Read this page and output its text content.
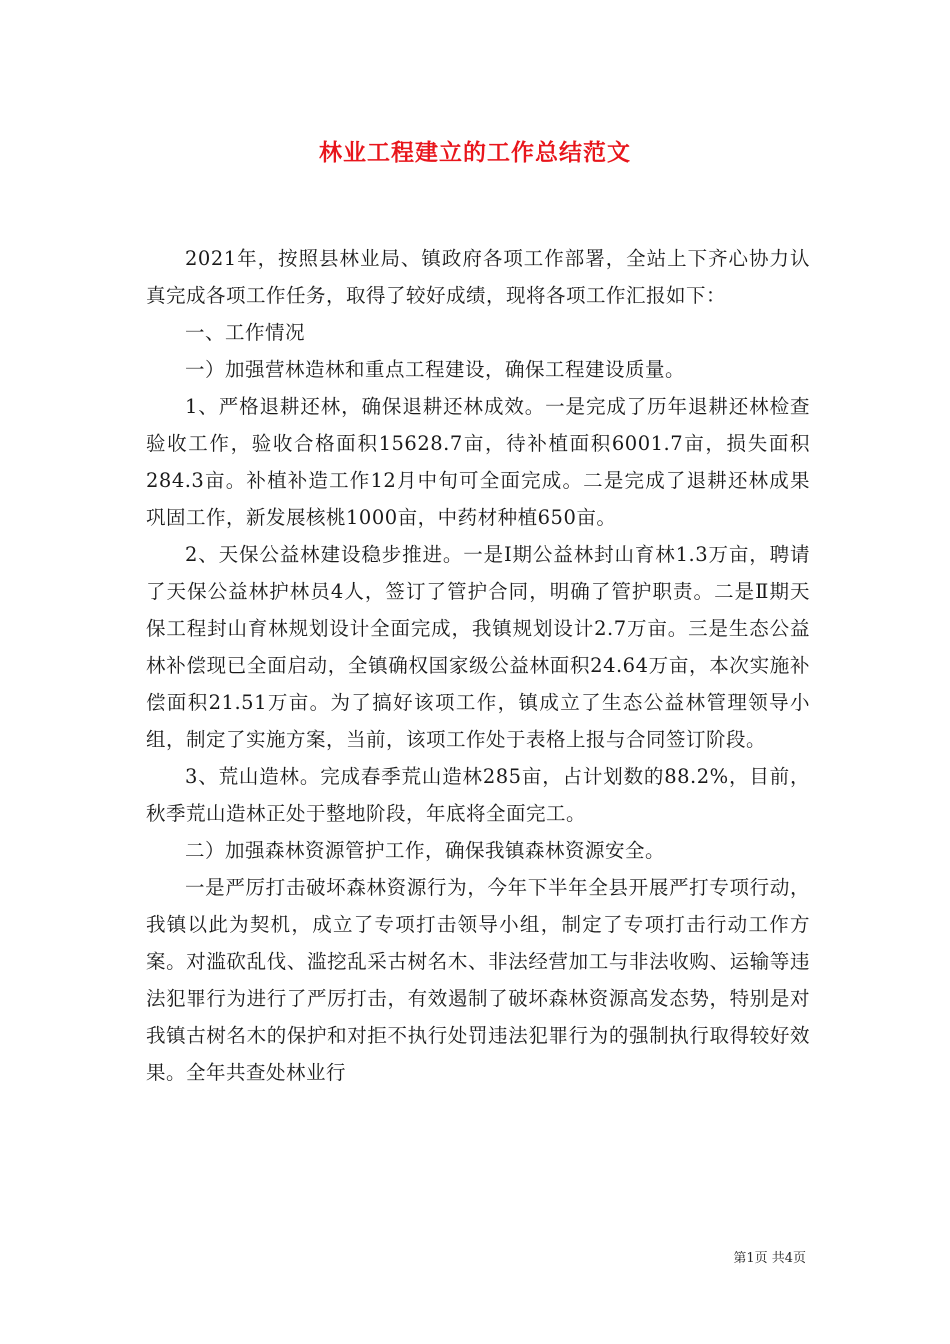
林业工程建立的工作总结范文

2021年，按照县林业局、镇政府各项工作部署，全站上下齐心协力认真完成各项工作任务，取得了较好成绩，现将各项工作汇报如下：

一、工作情况

一）加强营林造林和重点工程建设，确保工程建设质量。

1、严格退耕还林，确保退耕还林成效。一是完成了历年退耕还林检查验收工作，验收合格面积15628.7亩，待补植面积6001.7亩，损失面积284.3亩。补植补造工作12月中旬可全面完成。二是完成了退耕还林成果巩固工作，新发展核桃1000亩，中药材种植650亩。

2、天保公益林建设稳步推进。一是Ⅰ期公益林封山育林1.3万亩，聘请了天保公益林护林员4人，签订了管护合同，明确了管护职责。二是Ⅱ期天保工程封山育林规划设计全面完成，我镇规划设计2.7万亩。三是生态公益林补偿现已全面启动，全镇确权国家级公益林面积24.64万亩，本次实施补偿面积21.51万亩。为了搞好该项工作，镇成立了生态公益林管理领导小组，制定了实施方案，当前，该项工作处于表格上报与合同签订阶段。

3、荒山造林。完成春季荒山造林285亩，占计划数的88.2%，目前，秋季荒山造林正处于整地阶段，年底将全面完工。

二）加强森林资源管护工作，确保我镇森林资源安全。

一是严厉打击破坏森林资源行为，今年下半年全县开展严打专项行动，我镇以此为契机，成立了专项打击领导小组，制定了专项打击行动工作方案。对滥砍乱伐、滥挖乱采古树名木、非法经营加工与非法收购、运输等违法犯罪行为进行了严厉打击，有效遏制了破坏森林资源高发态势，特别是对我镇古树名木的保护和对拒不执行处罚违法犯罪行为的强制执行取得较好效果。全年共查处林业行

第1页 共4页
